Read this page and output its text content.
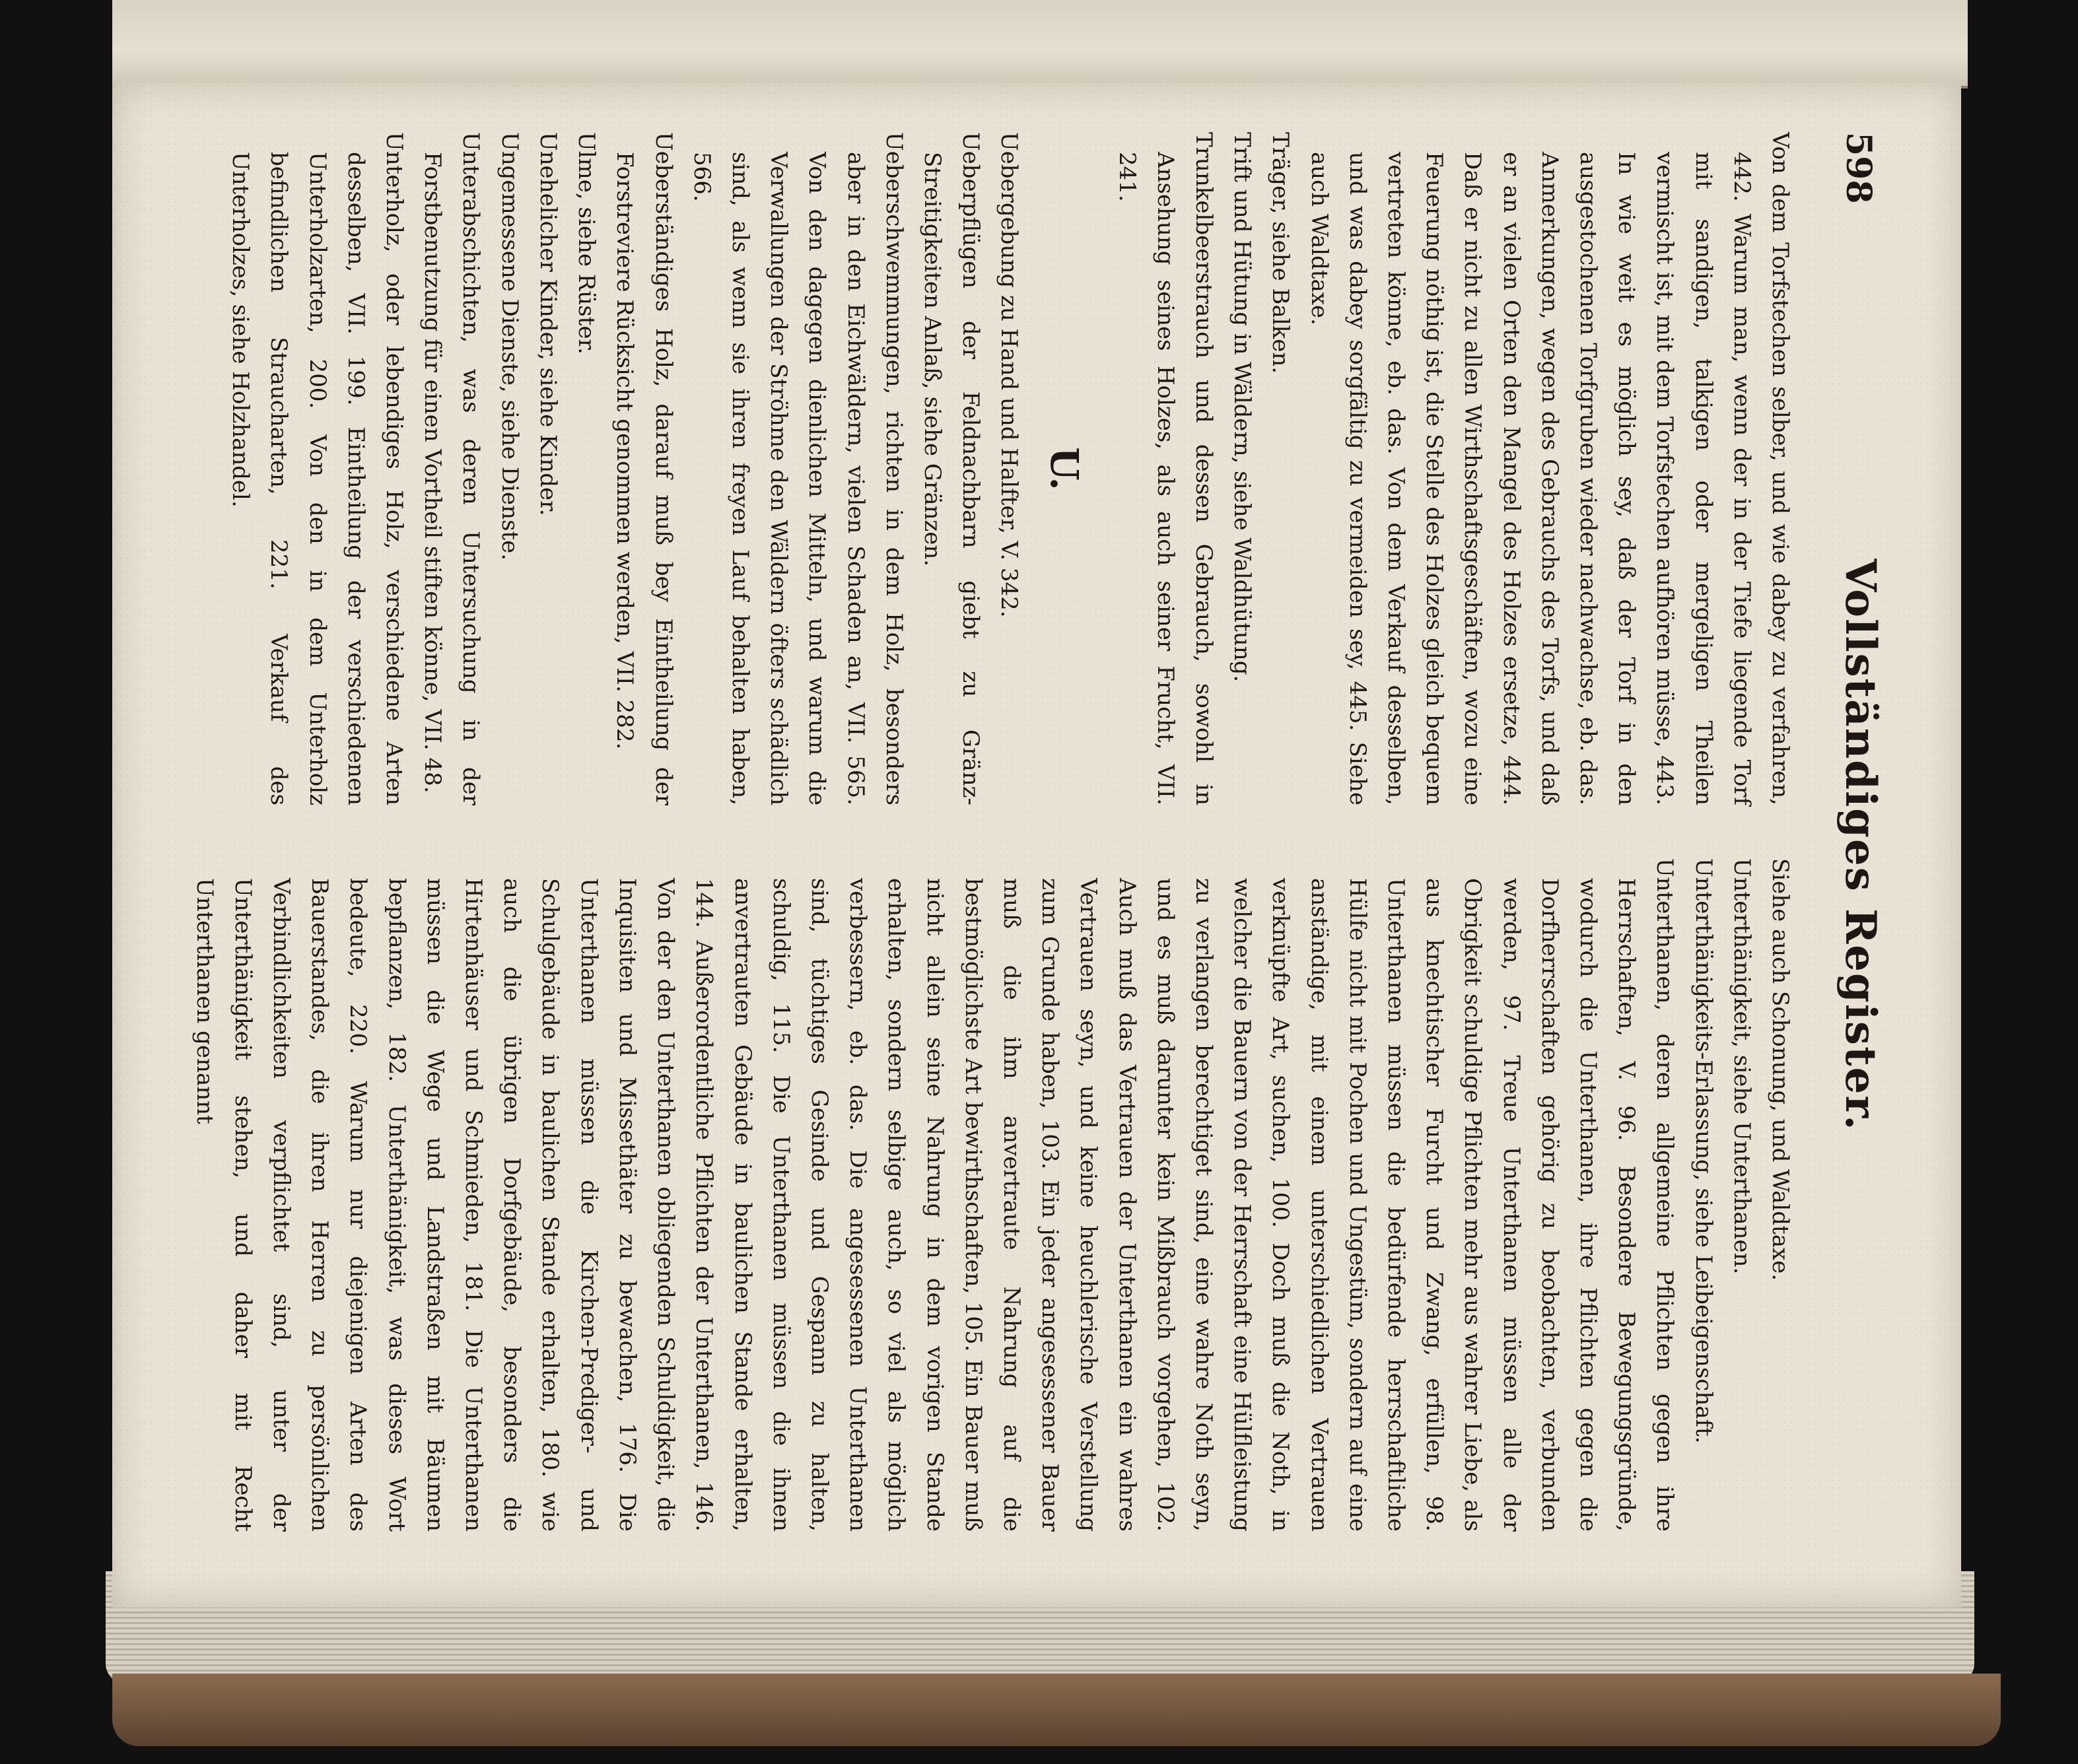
598
Vollständiges Register.

Von dem Torfstechen selber, und wie dabey zu verfahren, 442. Warum man, wenn der in der Tiefe liegende Torf mit sandigen, talkigen oder mergeligen Theilen vermischt ist, mit dem Torfstechen aufhören müsse, 443. In wie weit es möglich sey, daß der Torf in den ausgestochenen Torfgruben wieder nachwachse, eb. das. Anmerkungen, wegen des Gebrauchs des Torfs, und daß er an vielen Orten den Mangel des Holzes ersetze, 444. Daß er nicht zu allen Wirthschaftsgeschäften, wozu eine Feuerung nöthig ist, die Stelle des Holzes gleich bequem vertreten könne, eb. das. Von dem Verkauf desselben, und was dabey sorgfältig zu vermeiden sey, 445. Siehe auch Waldtaxe.

Träger, siehe Balken.

Trift und Hütung in Wäldern, siehe Waldhütung.

Trunkelbeerstrauch und dessen Gebrauch, sowohl in Ansehung seines Holzes, als auch seiner Frucht, VII. 241.

U.

Uebergebung zu Hand und Halfter, V. 342.

Ueberpflügen der Feldnachbarn giebt zu Gränz-Streitigkeiten Anlaß, siehe Gränzen.

Ueberschwemmungen, richten in dem Holz, besonders aber in den Eichwäldern, vielen Schaden an, VII. 565. Von den dagegen dienlichen Mitteln, und warum die Verwallungen der Ströhme den Wäldern öfters schädlich sind, als wenn sie ihren freyen Lauf behalten haben, 566.

Ueberständiges Holz, darauf muß bey Eintheilung der Forstreviere Rücksicht genommen werden, VII. 282.

Ulme, siehe Rüster.

Unehelicher Kinder, siehe Kinder.

Ungemessene Dienste, siehe Dienste.

Unterabschichten, was deren Untersuchung in der Forstbenutzung für einen Vortheil stiften könne, VII. 48.

Unterholz, oder lebendiges Holz, verschiedene Arten desselben, VII. 199. Eintheilung der verschiedenen Unterholzarten, 200. Von den in dem Unterholz befindlichen Straucharten, 221. Verkauf des Unterholzes, siehe Holzhandel.

Siehe auch Schonung, und Waldtaxe.

Unterthänigkeit, siehe Unterthanen.

Unterthänigkeits-Erlassung, siehe Leibeigenschaft.

Unterthanen, deren allgemeine Pflichten gegen ihre Herrschaften, V. 96. Besondere Bewegungsgründe, wodurch die Unterthanen, ihre Pflichten gegen die Dorfherrschaften gehörig zu beobachten, verbunden werden, 97. Treue Unterthanen müssen alle der Obrigkeit schuldige Pflichten mehr aus wahrer Liebe, als aus knechtischer Furcht und Zwang, erfüllen, 98. Unterthanen müssen die bedürfende herrschaftliche Hülfe nicht mit Pochen und Ungestüm, sondern auf eine anständige, mit einem unterschiedlichen Vertrauen verknüpfte Art, suchen, 100. Doch muß die Noth, in welcher die Bauern von der Herrschaft eine Hülfleistung zu verlangen berechtiget sind, eine wahre Noth seyn, und es muß darunter kein Mißbrauch vorgehen, 102. Auch muß das Vertrauen der Unterthanen ein wahres Vertrauen seyn, und keine heuchlerische Verstellung zum Grunde haben, 103. Ein jeder angesessener Bauer muß die ihm anvertraute Nahrung auf die bestmöglichste Art bewirthschaften, 105. Ein Bauer muß nicht allein seine Nahrung in dem vorigen Stande erhalten, sondern selbige auch, so viel als möglich verbessern, eb. das. Die angesessenen Unterthanen sind, tüchtiges Gesinde und Gespann zu halten, schuldig, 115. Die Unterthanen müssen die ihnen anvertrauten Gebäude in baulichen Stande erhalten, 144. Außerordentliche Pflichten der Unterthanen, 146. Von der den Unterthanen obliegenden Schuldigkeit, die Inquisiten und Missethäter zu bewachen, 176. Die Unterthanen müssen die Kirchen-Prediger- und Schulgebäude in baulichen Stande erhalten, 180. wie auch die übrigen Dorfgebäude, besonders die Hirtenhäuser und Schmieden, 181. Die Unterthanen müssen die Wege und Landstraßen mit Bäumen bepflanzen, 182. Unterthänigkeit, was dieses Wort bedeute, 220. Warum nur diejenigen Arten des Bauerstandes, die ihren Herren zu persönlichen Verbindlichkeiten verpflichtet sind, unter der Unterthänigkeit stehen, und daher mit Recht Unterthanen genannt
